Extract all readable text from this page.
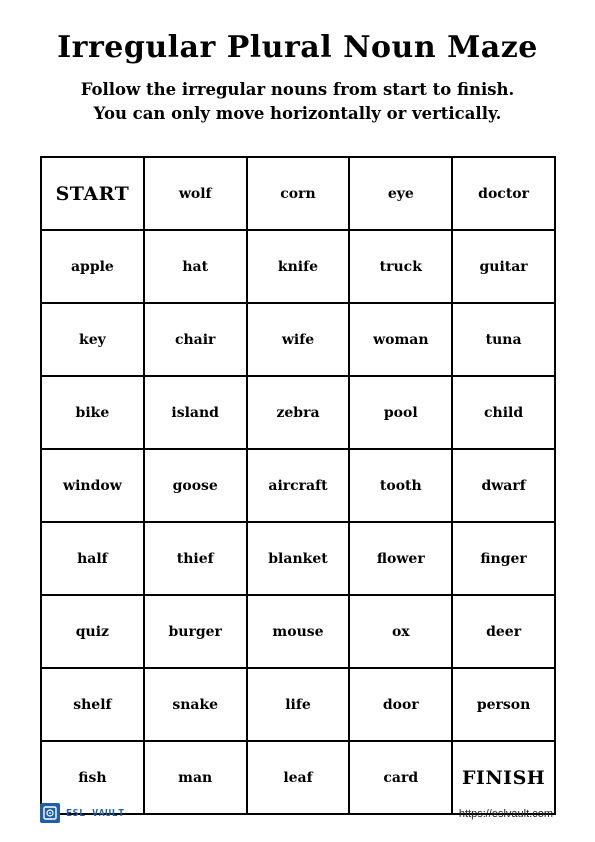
Irregular Plural Noun Maze
Follow the irregular nouns from start to finish.
You can only move horizontally or vertically.
START	wolf	corn	eye	doctor
apple	hat	knife	truck	guitar
key	chair	wife	woman	tuna
bike	island	zebra	pool	child
window	goose	aircraft	tooth	dwarf
half	thief	blanket	flower	finger
quiz	burger	mouse	ox	deer
shelf	snake	life	door	person
fish	man	leaf	card	FINISH
ESL VAULT	https://eslvault.com
